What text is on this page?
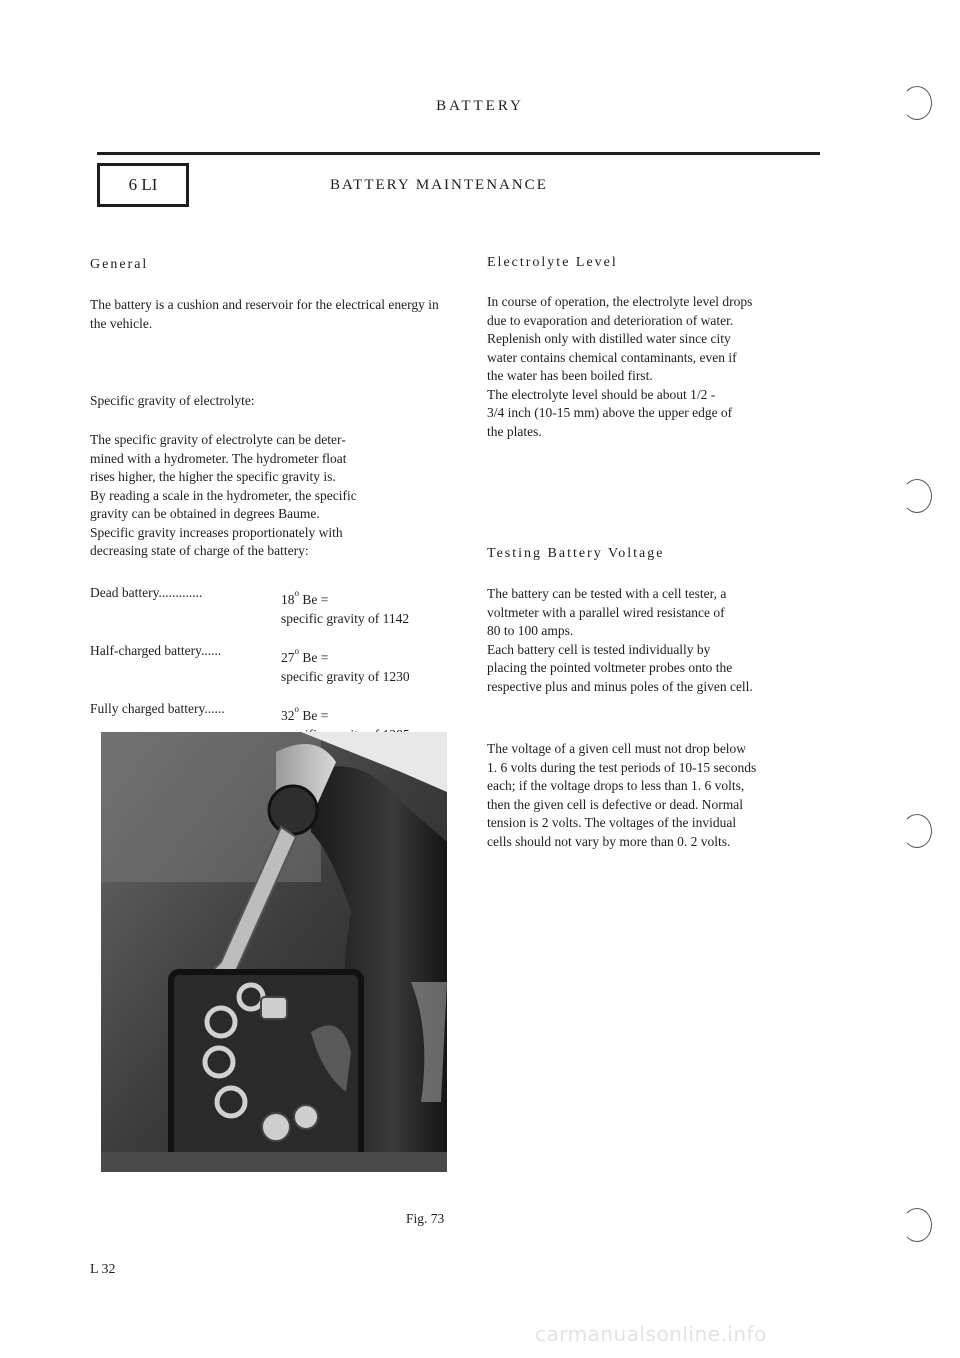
BATTERY
6 LI	BATTERY MAINTENANCE
General
The battery is a cushion and reservoir for the electrical energy in the vehicle.
Specific gravity of electrolyte:

The specific gravity of electrolyte can be deter-

mined with a hydrometer. The hydrometer float

rises higher, the higher the specific gravity is.

By reading a scale in the hydrometer, the specific

gravity can be obtained in degrees Baume.

Specific gravity increases proportionately with

decreasing state of charge of the battery:

Dead battery.............	18$^o$ Be =
specific gravity of 1142
Half-charged battery......	27$^o$ Be =
specific gravity of 1230
Fully charged battery......	32$^o$ Be =
Fig. 73
Electrolyte Level

In course of operation, the electrolyte level drops

due to evaporation and deterioration of water.

Replenish only with distilled water since city

water contains chemical contaminants, even if

the water has been boiled first.

The electrolyte level should be about 1/2 -

3/4 inch (10-15 mm) above the upper edge of

the plates.

Testing Battery Voltage

The battery can be tested with a cell tester, a

voltmeter with a parallel wired resistance of

80 to 100 amps.

Each battery cell is tested individually by

placing the pointed voltmeter probes onto the

respective plus and minus poles of the given cell.

The voltage of a given cell must not drop below

1. 6 volts during the test periods of 10-15 seconds

each; if the voltage drops to less than 1. 6 volts,

then the given cell is defective or dead. Normal

tension is 2 volts. The voltages of the invidual

cells should not vary by more than 0. 2 volts.

L 32
carmanualsonline.info
